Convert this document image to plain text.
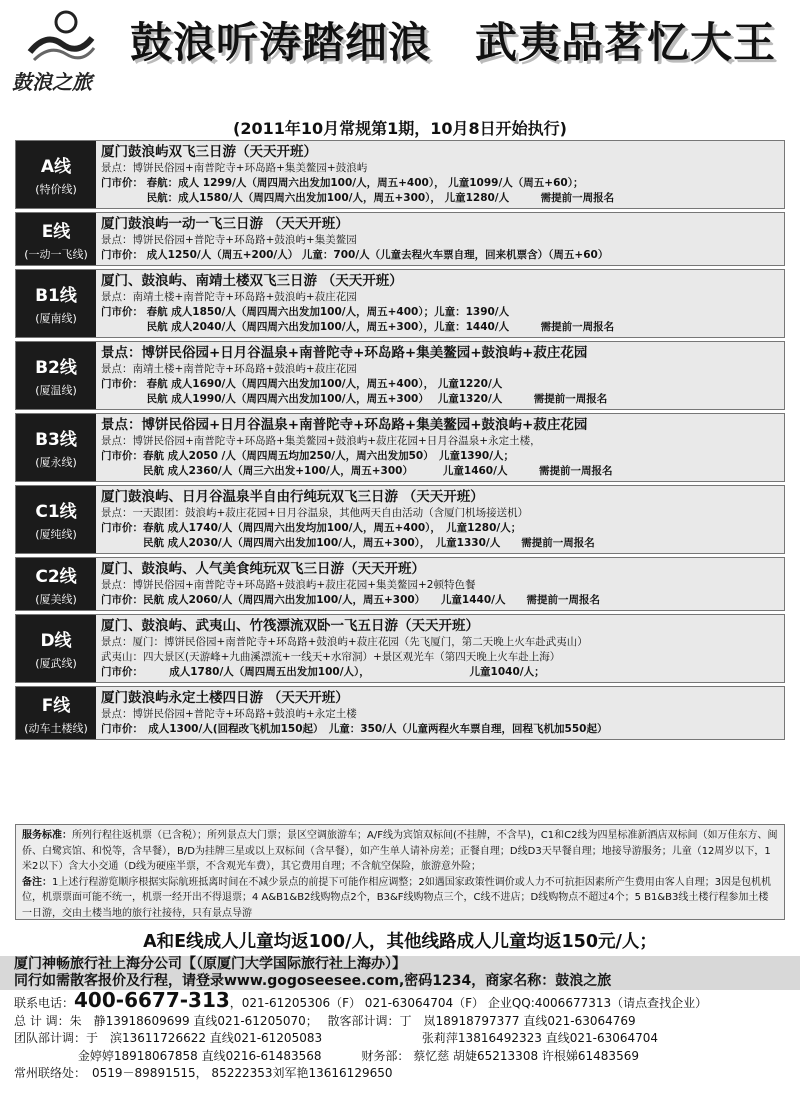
鼓浪之旅
鼓浪听涛踏细浪 武夷品茗忆大王
(2011年10月常规第1期，10月8日开始执行)
A线
(特价线)
厦门鼓浪屿双飞三日游（天天开班）
景点：博饼民俗园+南普陀寺+环岛路+集美鳌园+鼓浪屿
门市价： 春航：成人 1299/人（周四周六出发加100/人，周五+400）， 儿童1099/人（周五+60）；
　　　　 民航：成人1580/人（周四周六出发加100/人，周五+300）， 儿童1280/人　　　需提前一周报名
E线
(一动一飞线)
厦门鼓浪屿一动一飞三日游 （天天开班）
景点：博饼民俗园+普陀寺+环岛路+鼓浪屿+集美鳌园
门市价： 成人1250/人（周五+200/人） 儿童：700/人（儿童去程火车票自理，回来机票含）（周五+60）
B1线
(厦南线)
厦门、鼓浪屿、南靖土楼双飞三日游 （天天开班）
景点：南靖土楼+南普陀寺+环岛路+鼓浪屿+菽庄花园
门市价： 春航 成人1850/人（周四周六出发加100/人，周五+400）；儿童：1390/人
　　　　 民航 成人2040/人（周四周六出发加100/人，周五+300），儿童：1440/人　　　需提前一周报名
B2线
(厦温线)
景点：博饼民俗园+日月谷温泉+南普陀寺+环岛路+集美鳌园+鼓浪屿+菽庄花园
景点：南靖土楼+南普陀寺+环岛路+鼓浪屿+菽庄花园
门市价： 春航 成人1690/人（周四周六出发加100/人，周五+400）， 儿童1220/人
　　　　 民航 成人1990/人（周四周六出发加100/人，周五+300）　 儿童1320/人　　　需提前一周报名
B3线
(厦永线)
景点：博饼民俗园+日月谷温泉+南普陀寺+环岛路+集美鳌园+鼓浪屿+菽庄花园
景点：博饼民俗园+南普陀寺+环岛路+集美鳌园+鼓浪屿+菽庄花园+日月谷温泉+永定土楼，
门市价：春航 成人2050 /人（周四周五均加250/人，周六出发加50）　儿童1390/人；
　　　　民航 成人2360/人（周三六出发+100/人，周五+300）　　　 儿童1460/人　　　需提前一周报名
C1线
(厦纯线)
厦门鼓浪屿、日月谷温泉半自由行纯玩双飞三日游 （天天开班）
景点：一天跟团：鼓浪屿+菽庄花园+日月谷温泉，其他两天自由活动（含厦门机场接送机）
门市价：春航 成人1740/人（周四周六出发均加100/人，周五+400），　儿童1280/人；
　　　　民航 成人2030/人（周四周六出发加100/人，周五+300），　儿童1330/人　　需提前一周报名
C2线
(厦美线)
厦门、鼓浪屿、人气美食纯玩双飞三日游（天天开班）
景点：博饼民俗园+南普陀寺+环岛路+鼓浪屿+菽庄花园+集美鳌园+2顿特色餐
门市价：民航 成人2060/人（周四周六出发加100/人，周五+300）　　儿童1440/人　　需提前一周报名
D线
(厦武线)
厦门、鼓浪屿、武夷山、竹筏漂流双卧一飞五日游（天天开班）
景点：厦门：博饼民俗园+南普陀寺+环岛路+鼓浪屿+菽庄花园（先飞厦门，第二天晚上火车赴武夷山）
武夷山：四大景区(天游峰+九曲溪漂流+一线天+水帘洞）+景区观光车（第四天晚上火车赴上海）
门市价：　　　成人1780/人（周四周五出发加100/人），　　　　　　　　　　儿童1040/人；
F线
(动车土楼线)
厦门鼓浪屿永定土楼四日游 （天天开班）
景点：博饼民俗园+普陀寺+环岛路+鼓浪屿+永定土楼
门市价：　成人1300/人(回程改飞机加150起）　儿童：350/人（儿童两程火车票自理，回程飞机加550起）
服务标准：所列行程往返机票（已含税）；所列景点大门票；景区空调旅游车；A/F线为宾馆双标间(不挂牌，不含早)，C1和C2线为四星标准新酒店双标间（如万佳东方、闽侨、白鹭宾馆、和悦等，含早餐），B/D为挂牌三星或以上双标间（含早餐），如产生单人请补房差；正餐自理；D线D3天早餐自理；地接导游服务；儿童（12周岁以下，1米2以下）含大小交通（D线为硬座半票，不含观光车费），其它费用自理；不含航空保险，旅游意外险；
备注：1上述行程游览顺序根据实际航班抵离时间在不减少景点的前提下可能作相应调整；2如遇国家政策性调价或人力不可抗拒因素所产生费用由客人自理；3因是包机机位，机票票面可能不统一，机票一经开出不得退票；4 A&B1&B2线购物点2个，B3&F线购物点三个，C线不进店；D线购物点不超过4个；5 B1&B3线土楼行程参加土楼一日游，交由土楼当地的旅行社接待，只有景点导游
A和E线成人儿童均返100/人，其他线路成人儿童均返150元/人；
厦门神畅旅行社上海分公司【（原厦门大学国际旅行社上海办）】
同行如需散客报价及行程，请登录www.gogoseesee.com,密码1234，商家名称：鼓浪之旅
联系电话：400-6677-313，021-61205306（F） 021-63064704（F） 企业QQ:4006677313（请点查找企业）
总 计 调：朱　静13918609699 直线021-61205070；　 散客部计调：丁　岚18918797377 直线021-63064769
团队部计调：于　滨13611726622 直线021-61205083　　　　　　　　 张莉萍13816492323 直线021-63064704
　　　　　 金婷婷18918067858 直线0216-61483568　　　 财务部： 蔡忆慈 胡婕65213308 许根娣61483569
常州联络处：　0519－89891515， 85222353刘军艳13616129650
